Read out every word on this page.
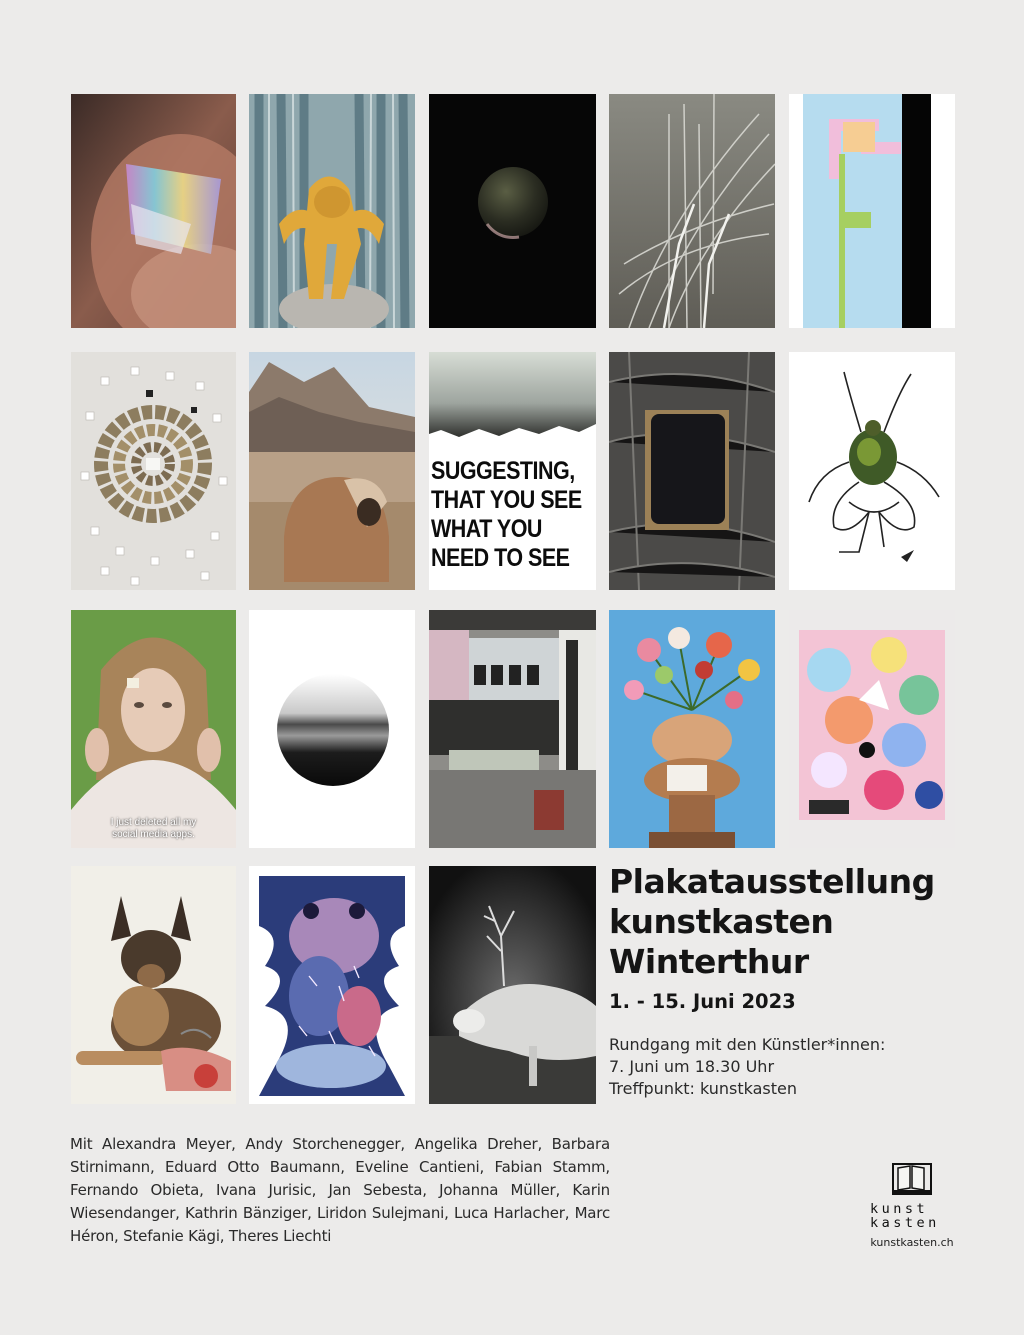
SUGGESTING,
THAT YOU SEE
WHAT YOU
NEED TO SEE
I just deleted all my
social media apps.
Plakatausstellung
kunstkasten
Winterthur
1. - 15. Juni 2023
Rundgang mit den Künstler*innen:
7. Juni um 18.30 Uhr
Treffpunkt: kunstkasten
Mit Alexandra Meyer, Andy Storchenegger, Angelika Dreher, Barbara Stirnimann, Eduard Otto Baumann, Eveline Cantieni, Fabian Stamm, Fernando Obieta, Ivana Jurisic, Jan Sebesta, Johanna Müller, Karin Wiesendanger, Kathrin Bänziger, Liridon Sulejmani, Luca Harlacher, Marc Héron, Stefanie Kägi, Theres Liechti
kunst
kasten
kunstkasten.ch
